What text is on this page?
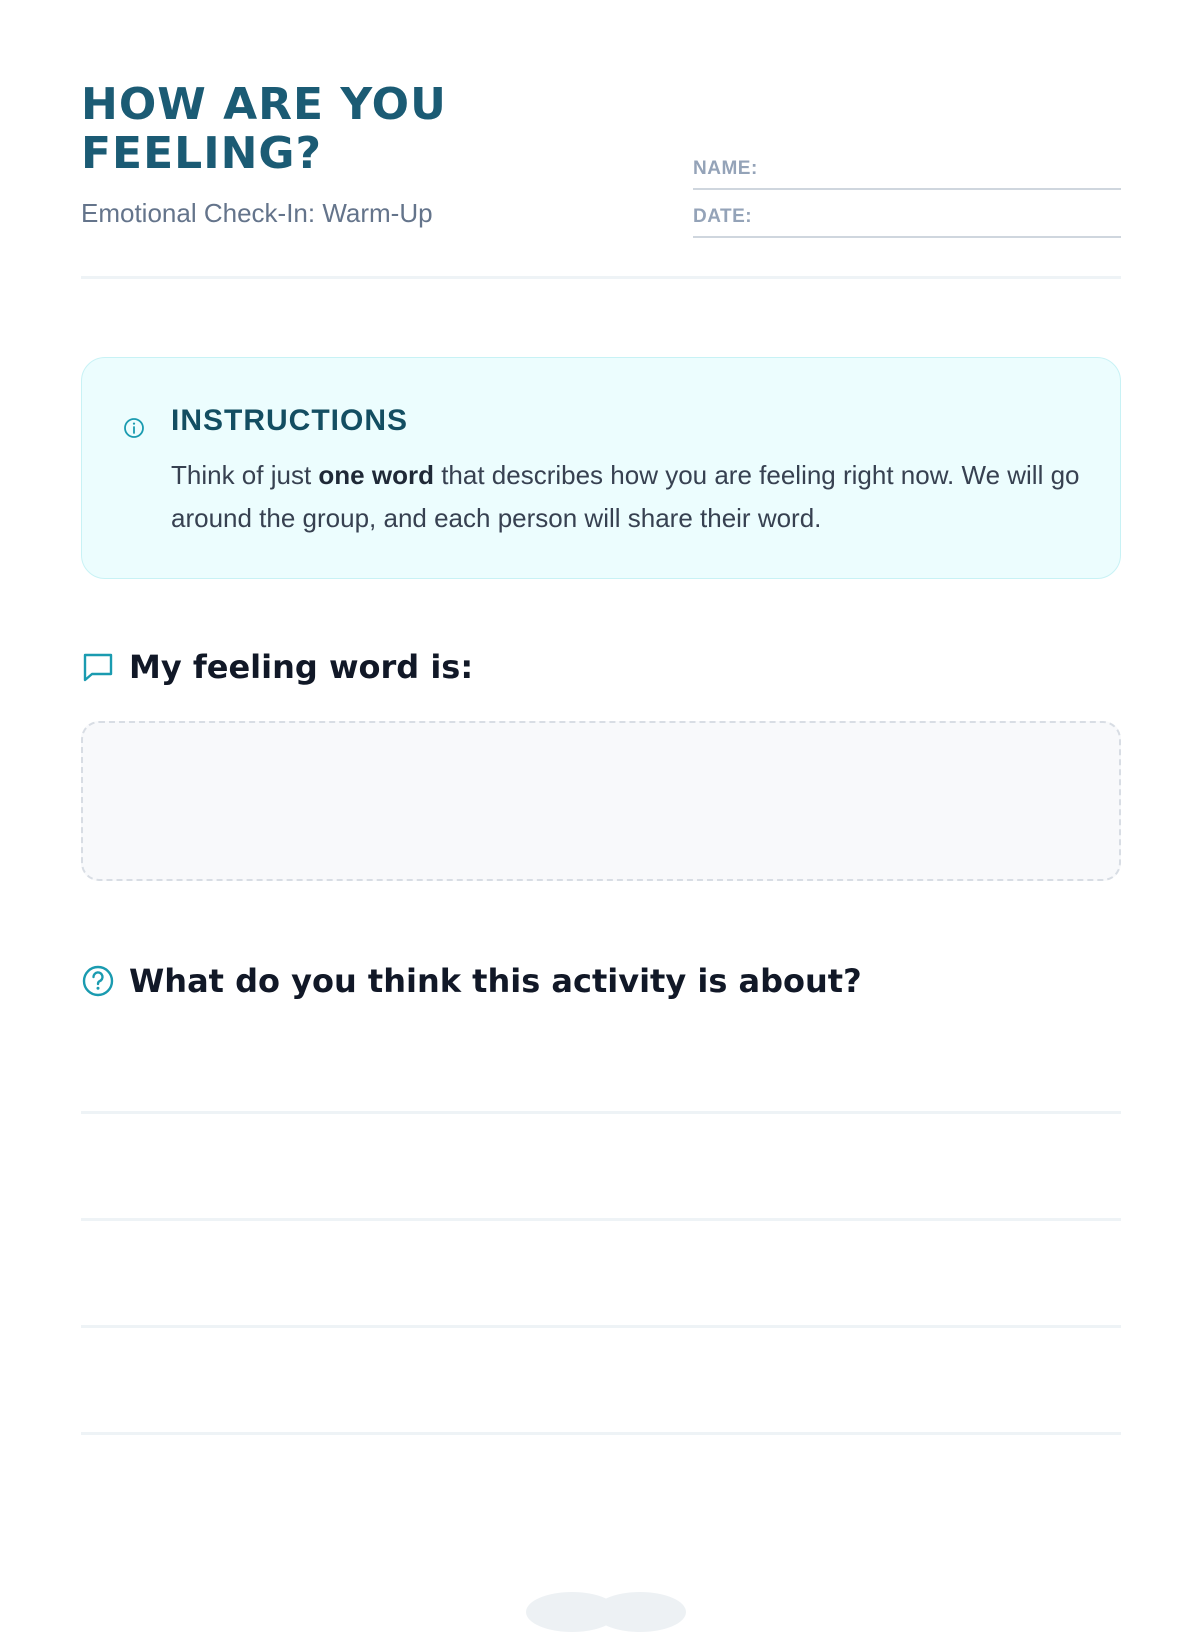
HOW ARE YOU
FEELING?
Emotional Check-In: Warm-Up
NAME:
DATE:
INSTRUCTIONS
Think of just one word that describes how you are feeling right now. We will go around the group, and each person will share their word.
My feeling word is:
What do you think this activity is about?
